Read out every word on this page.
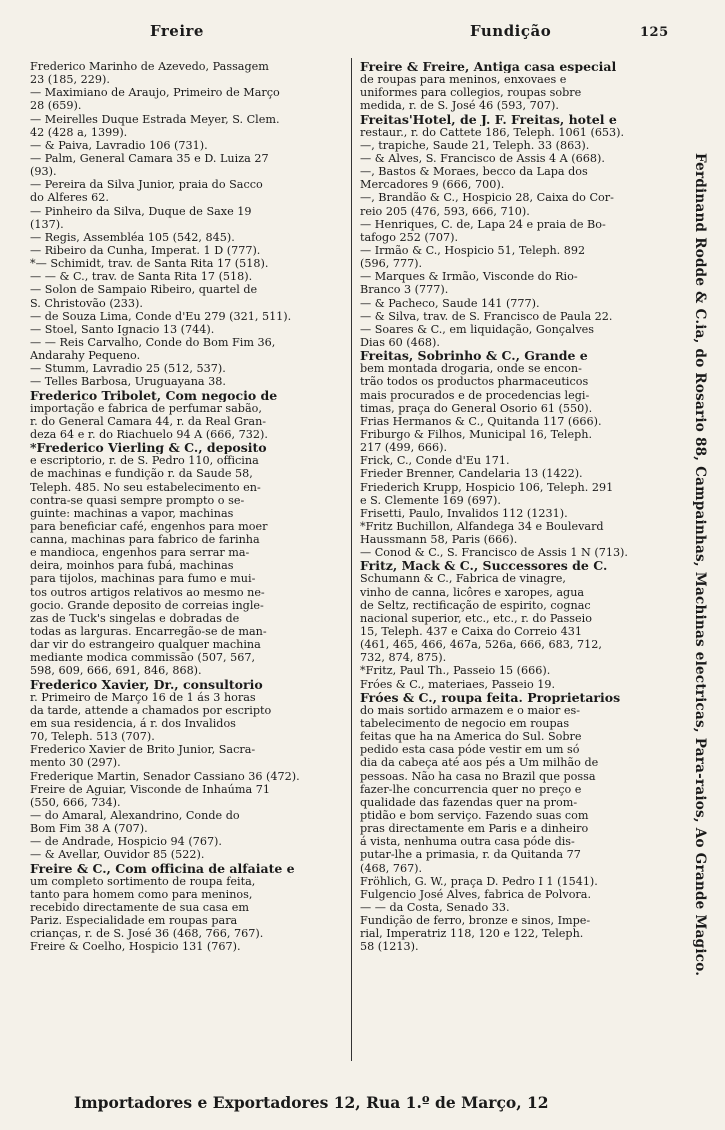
Freire	Fundição	125
Frederico Marinho de Azevedo, Passagem
23 (185, 229).
— Maximiano de Araujo, Primeiro de Março
28 (659).
— Meirelles Duque Estrada Meyer, S. Clem.
42 (428 a, 1399).
— & Paiva, Lavradio 106 (731).
— Palm, General Camara 35 e D. Luiza 27
(93).
— Pereira da Silva Junior, praia do Sacco
do Alferes 62.
— Pinheiro da Silva, Duque de Saxe 19
(137).
— Regis, Assembléa 105 (542, 845).
— Ribeiro da Cunha, Imperat. 1 D (777).
*— Schimidt, trav. de Santa Rita 17 (518).
— — & C., trav. de Santa Rita 17 (518).
— Solon de Sampaio Ribeiro, quartel de
S. Christovão (233).
— de Souza Lima, Conde d'Eu 279 (321, 511).
— Stoel, Santo Ignacio 13 (744).
— — Reis Carvalho, Conde do Bom Fim 36,
Andarahy Pequeno.
— Stumm, Lavradio 25 (512, 537).
— Telles Barbosa, Uruguayana 38.
Frederico Tribolet, Com negocio de
importação e fabrica de perfumar sabão,
r. do General Camara 44, r. da Real Gran-
deza 64 e r. do Riachuelo 94 A (666, 732).
*Frederico Vierling & C., deposito
e escriptorio, r. de S. Pedro 110, officina
de machinas e fundição r. da Saude 58,
Teleph. 485. No seu estabelecimento en-
contra-se quasi sempre prompto o se-
guinte: machinas a vapor, machinas
para beneficiar café, engenhos para moer
canna, machinas para fabrico de farinha
e mandioca, engenhos para serrar ma-
deira, moinhos para fubá, machinas
para tijolos, machinas para fumo e mui-
tos outros artigos relativos ao mesmo ne-
gocio. Grande deposito de correias ingle-
zas de Tuck's singelas e dobradas de
todas as larguras. Encarregão-se de man-
dar vir do estrangeiro qualquer machina
mediante modica commissão (507, 567,
598, 609, 666, 691, 846, 868).
Frederico Xavier, Dr., consultorio
r. Primeiro de Março 16 de 1 ás 3 horas
da tarde, attende a chamados por escripto
em sua residencia, á r. dos Invalidos
70, Teleph. 513 (707).
Frederico Xavier de Brito Junior, Sacra-
mento 30 (297).
Frederique Martin, Senador Cassiano 36 (472).
Freire de Aguiar, Visconde de Inhaúma 71
(550, 666, 734).
— do Amaral, Alexandrino, Conde do
Bom Fim 38 A (707).
— de Andrade, Hospicio 94 (767).
— & Avellar, Ouvidor 85 (522).
Freire & C., Com officina de alfaiate e
um completo sortimento de roupa feita,
tanto para homem como para meninos,
recebido directamente de sua casa em
Pariz. Especialidade em roupas para
crianças, r. de S. José 36 (468, 766, 767).
Freire & Coelho, Hospicio 131 (767).
Freire & Freire, Antiga casa especial
de roupas para meninos, enxovaes e
uniformes para collegios, roupas sobre
medida, r. de S. José 46 (593, 707).
Freitas'Hotel, de J. F. Freitas, hotel e
restaur., r. do Cattete 186, Teleph. 1061 (653).
—, trapiche, Saude 21, Teleph. 33 (863).
— & Alves, S. Francisco de Assis 4 A (668).
—, Bastos & Moraes, becco da Lapa dos
Mercadores 9 (666, 700).
—, Brandão & C., Hospicio 28, Caixa do Cor-
reio 205 (476, 593, 666, 710).
— Henriques, C. de, Lapa 24 e praia de Bo-
tafogo 252 (707).
— Irmão & C., Hospicio 51, Teleph. 892
(596, 777).
— Marques & Irmão, Visconde do Rio-
Branco 3 (777).
— & Pacheco, Saude 141 (777).
— & Silva, trav. de S. Francisco de Paula 22.
— Soares & C., em liquidação, Gonçalves
Dias 60 (468).
Freitas, Sobrinho & C., Grande e
bem montada drogaria, onde se encon-
trão todos os productos pharmaceuticos
mais procurados e de procedencias legi-
timas, praça do General Osorio 61 (550).
Frias Hermanos & C., Quitanda 117 (666).
Friburgo & Filhos, Municipal 16, Teleph.
217 (499, 666).
Frick, C., Conde d'Eu 171.
Frieder Brenner, Candelaria 13 (1422).
Friederich Krupp, Hospicio 106, Teleph. 291
e S. Clemente 169 (697).
Frisetti, Paulo, Invalidos 112 (1231).
*Fritz Buchillon, Alfandega 34 e Boulevard
Haussmann 58, Paris (666).
— Conod & C., S. Francisco de Assis 1 N (713).
Fritz, Mack & C., Successores de C.
Schumann & C., Fabrica de vinagre,
vinho de canna, licôres e xaropes, agua
de Seltz, rectificação de espirito, cognac
nacional superior, etc., etc., r. do Passeio
15, Teleph. 437 e Caixa do Correio 431
(461, 465, 466, 467a, 526a, 666, 683, 712,
732, 874, 875).
*Fritz, Paul Th., Passeio 15 (666).
Fróes & C., materiaes, Passeio 19.
Fróes & C., roupa feita. Proprietarios
do mais sortido armazem e o maior es-
tabelecimento de negocio em roupas
feitas que ha na America do Sul. Sobre
pedido esta casa póde vestir em um só
dia da cabeça até aos pés a Um milhão de
pessoas. Não ha casa no Brazil que possa
fazer-lhe concurrencia quer no preço e
qualidade das fazendas quer na prom-
ptidão e bom serviço. Fazendo suas com
pras directamente em Paris e a dinheiro
á vista, nenhuma outra casa póde dis-
putar-lhe a primasia, r. da Quitanda 77
(468, 767).
Fröhlich, G. W., praça D. Pedro I 1 (1541).
Fulgencio José Alves, fabrica de Polvora.
— — da Costa, Senado 33.
Fundição de ferro, bronze e sinos, Impe-
rial, Imperatriz 118, 120 e 122, Teleph.
58 (1213).	Ferdinand Rodde & C.ia, do Rosario 88, Campainhas, Machinas electricas, Para-raios, Ao Grande Magico.
Importadores e Exportadores 12, Rua 1.º de Março, 12
